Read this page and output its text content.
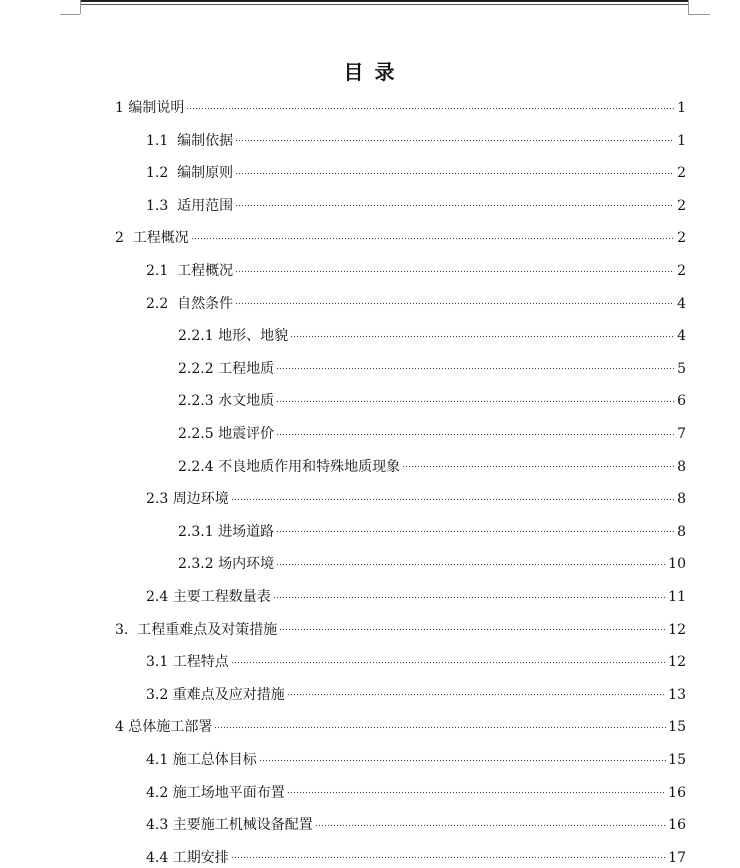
目 录
1 编制说明	1
1.1  编制依据	1
1.2  编制原则	2
1.3  适用范围	2
2  工程概况	2
2.1  工程概况	2
2.2  自然条件	4
2.2.1 地形、地貌	4
2.2.2 工程地质	5
2.2.3 水文地质	6
2.2.5 地震评价	7
2.2.4 不良地质作用和特殊地质现象	8
2.3 周边环境	8
2.3.1 进场道路	8
2.3.2 场内环境	10
2.4 主要工程数量表	11
3.  工程重难点及对策措施	12
3.1 工程特点	12
3.2 重难点及应对措施	13
4 总体施工部署	15
4.1 施工总体目标	15
4.2 施工场地平面布置	16
4.3 主要施工机械设备配置	16
4.4 工期安排	17
